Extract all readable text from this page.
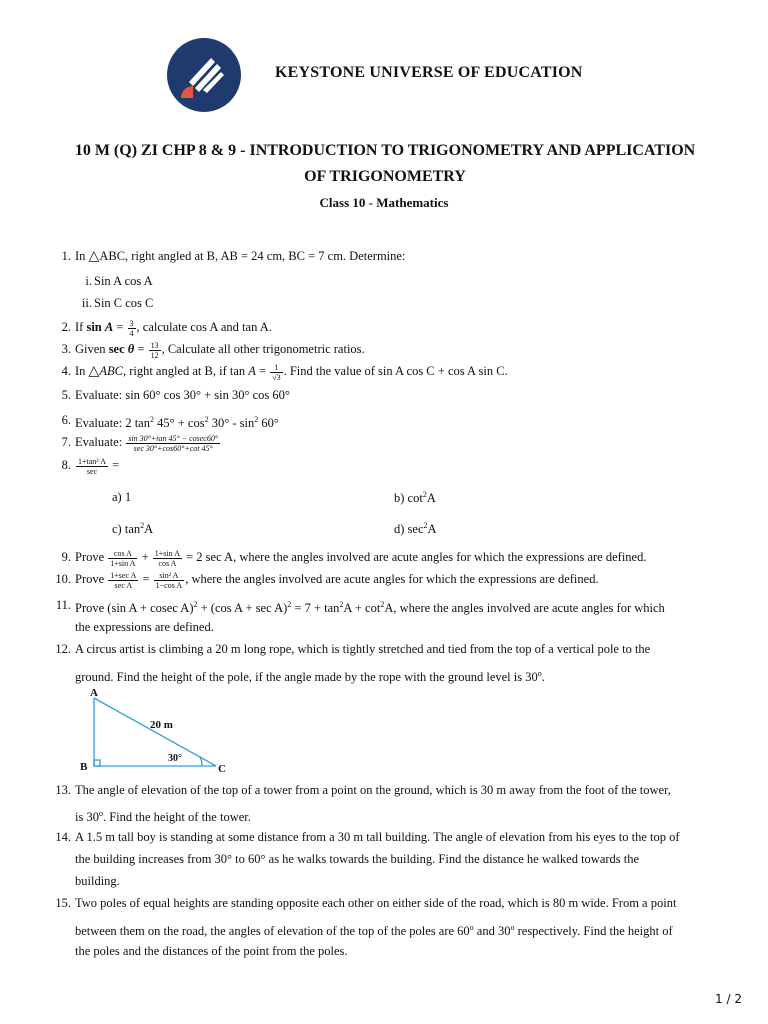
KEYSTONE UNIVERSE OF EDUCATION
10 M (Q) ZI CHP 8 & 9 - INTRODUCTION TO TRIGONOMETRY AND APPLICATION
OF TRIGONOMETRY
Class 10 - Mathematics
1. In △ABC, right angled at B, AB = 24 cm, BC = 7 cm. Determine:
i. Sin A cos A
ii. Sin C cos C
2. If $\sin A = \frac{3}{4}$ , calculate cos A and tan A.
3. Given $\sec \theta = \frac{13}{12}$ , Calculate all other trigonometric ratios.
4. In △ABC, right angled at B, if $\tan A = \frac{1}{√3}$ . Find the value of sin A cos C + cos A sin C.
5. Evaluate: sin 60° cos 30° + sin 30° cos 60°
6. Evaluate: 2 $\tan^2 45^\circ + \cos^2 30^\circ - \sin^2 60^\circ$
7. Evaluate: $\frac{\sin 30^\circ+\tan 45^\circ - cosec60^\circ}{\sec 30^\circ+\cos 60^\circ+\cot 45^\circ}$
8. $\frac{\text{1+tan² A}}{\sec}$ =
a) 1	b) $\cot^2A$
c) $\tan^2A$	d) $\sec^2A$
9. Prove $\frac{\text{cos A}}{\text{1+sin A}} + \frac{\text{1+sin A}}{\text{cos A}} = 2$ sec A, where the angles involved are acute angles for which the expressions are defined.
10. Prove $\frac{\text{1+sec A}}{\text{sec A}} = \frac{\text{sin² A}}{\text{1−cos A}}$ , where the angles involved are acute angles for which the expressions are defined.
11. Prove (sin A + cosec A)$^2$ + (cos $A + \sec A)^2 = 7 + \tan^2A + \cot^2A$, where the angles involved are acute angles for which
the expressions are defined.
12. A circus artist is climbing a 20 m long rope, which is tightly stretched and tied from the top of a vertical pole to the
ground. Find the height of the pole, if the angle made by the rope with the ground level is 30$^o$.
A
B	C
20 m
30°
13. The angle of elevation of the top of a tower from a point on the ground, which is 30 m away from the foot of the tower,
is 30$^o$. Find the height of the tower.
14. A 1.5 m tall boy is standing at some distance from a 30 m tall building. The angle of elevation from his eyes to the top of
the building increases from 30° to 60° as he walks towards the building. Find the distance he walked towards the
building.
15. Two poles of equal heights are standing opposite each other on either side of the road, which is 80 m wide. From a point
between them on the road, the angles of elevation of the top of the poles are 60$^o$ and 30$^o$ respectively. Find the height of
the poles and the distances of the point from the poles.
1 / 2
